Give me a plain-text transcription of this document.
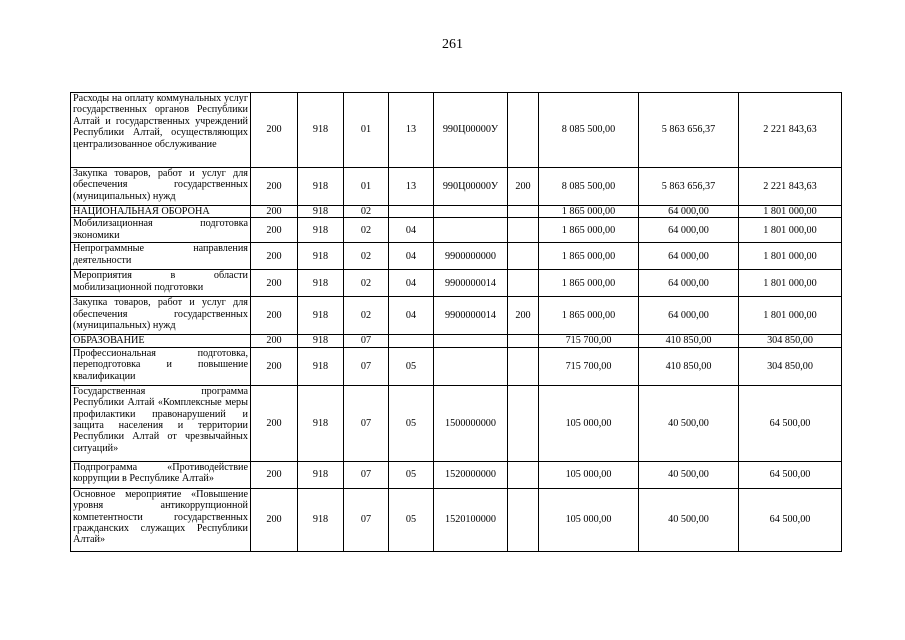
261
Расходы на оплату коммунальных услуг государственных органов Республики Алтай и государственных учреждений Республики Алтай, осуществляющих централизованное обслуживание	200	918	01	13	990Ц00000У		8 085 500,00	5 863 656,37	2 221 843,63
Закупка товаров, работ и услуг для обеспечения государственных (муниципальных) нужд	200	918	01	13	990Ц00000У	200	8 085 500,00	5 863 656,37	2 221 843,63
НАЦИОНАЛЬНАЯ ОБОРОНА	200	918	02				1 865 000,00	64 000,00	1 801 000,00
Мобилизационная подготовка экономики	200	918	02	04			1 865 000,00	64 000,00	1 801 000,00
Непрограммные направления деятельности	200	918	02	04	9900000000		1 865 000,00	64 000,00	1 801 000,00
Мероприятия в области мобилизационной подготовки	200	918	02	04	9900000014		1 865 000,00	64 000,00	1 801 000,00
Закупка товаров, работ и услуг для обеспечения государственных (муниципальных) нужд	200	918	02	04	9900000014	200	1 865 000,00	64 000,00	1 801 000,00
ОБРАЗОВАНИЕ	200	918	07				715 700,00	410 850,00	304 850,00
Профессиональная подготовка, переподготовка и повышение квалификации	200	918	07	05			715 700,00	410 850,00	304 850,00
Государственная программа Республики Алтай «Комплексные меры профилактики правонарушений и защита населения и территории Республики Алтай от чрезвычайных ситуаций»	200	918	07	05	1500000000		105 000,00	40 500,00	64 500,00
Подпрограмма «Противодействие коррупции в Республике Алтай»	200	918	07	05	1520000000		105 000,00	40 500,00	64 500,00
Основное мероприятие «Повышение уровня антикоррупционной компетентности государственных гражданских служащих Республики Алтай»	200	918	07	05	1520100000		105 000,00	40 500,00	64 500,00
